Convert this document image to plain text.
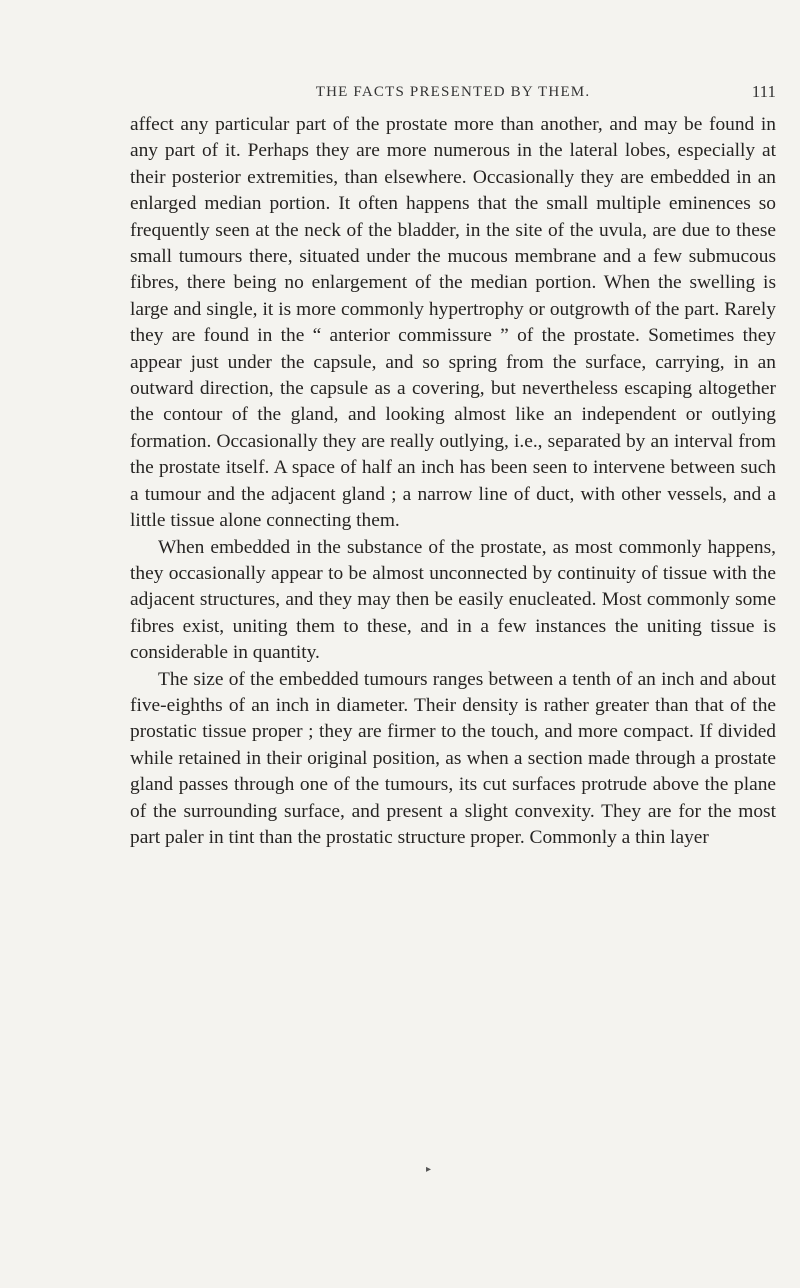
THE FACTS PRESENTED BY THEM.	111

affect any particular part of the prostate more than another, and may be found in any part of it. Perhaps they are more numerous in the lateral lobes, especially at their posterior extremities, than elsewhere. Occasionally they are embedded in an enlarged median portion. It often happens that the small multiple eminences so frequently seen at the neck of the bladder, in the site of the uvula, are due to these small tumours there, situated under the mucous membrane and a few submucous fibres, there being no enlargement of the median portion. When the swelling is large and single, it is more commonly hypertrophy or outgrowth of the part. Rarely they are found in the “ anterior commissure ” of the prostate. Sometimes they appear just under the capsule, and so spring from the surface, carrying, in an outward direction, the capsule as a covering, but nevertheless escaping altogether the contour of the gland, and looking almost like an independent or outlying formation. Occasionally they are really outlying, i.e., separated by an interval from the prostate itself. A space of half an inch has been seen to intervene between such a tumour and the adjacent gland ; a narrow line of duct, with other vessels, and a little tissue alone connecting them.

When embedded in the substance of the prostate, as most commonly happens, they occasionally appear to be almost unconnected by continuity of tissue with the adjacent structures, and they may then be easily enucleated. Most commonly some fibres exist, uniting them to these, and in a few instances the uniting tissue is considerable in quantity.

The size of the embedded tumours ranges between a tenth of an inch and about five-eighths of an inch in diameter. Their density is rather greater than that of the prostatic tissue proper ; they are firmer to the touch, and more compact. If divided while retained in their original position, as when a section made through a prostate gland passes through one of the tumours, its cut surfaces protrude above the plane of the surrounding surface, and present a slight convexity. They are for the most part paler in tint than the prostatic structure proper. Commonly a thin layer

▸
